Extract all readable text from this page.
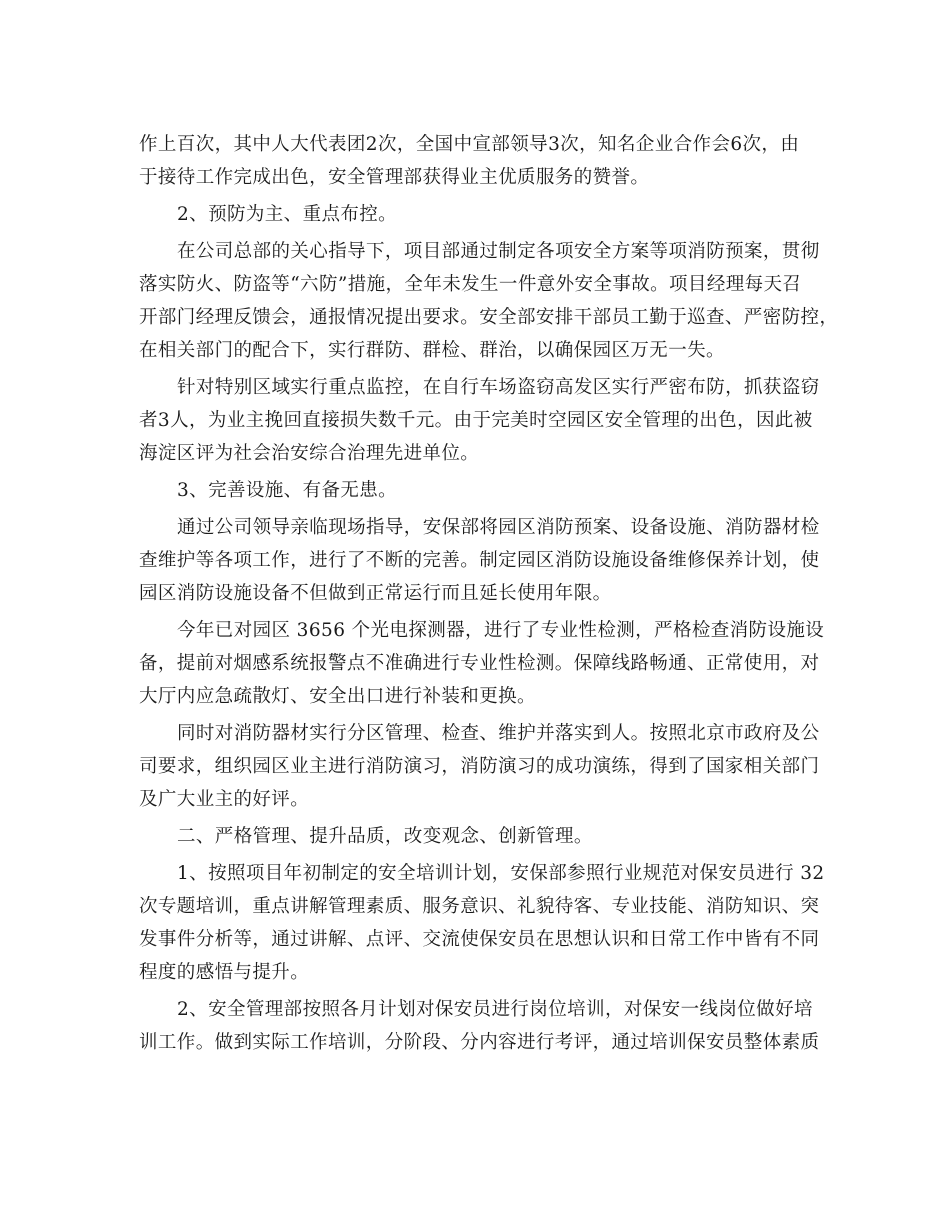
作上百次，其中人大代表团2次，全国中宣部领导3次，知名企业合作会6次，由
于接待工作完成出色，安全管理部获得业主优质服务的赞誉。
2、预防为主、重点布控。
在公司总部的关心指导下，项目部通过制定各项安全方案等项消防预案，贯彻
落实防火、防盗等“六防”措施，全年未发生一件意外安全事故。项目经理每天召
开部门经理反馈会，通报情况提出要求。安全部安排干部员工勤于巡查、严密防控，
在相关部门的配合下，实行群防、群检、群治，以确保园区万无一失。
针对特别区域实行重点监控，在自行车场盗窃高发区实行严密布防，抓获盗窃
者3人，为业主挽回直接损失数千元。由于完美时空园区安全管理的出色，因此被
海淀区评为社会治安综合治理先进单位。
3、完善设施、有备无患。
通过公司领导亲临现场指导，安保部将园区消防预案、设备设施、消防器材检
查维护等各项工作，进行了不断的完善。制定园区消防设施设备维修保养计划，使
园区消防设施设备不但做到正常运行而且延长使用年限。
今年已对园区 3656 个光电探测器，进行了专业性检测，严格检查消防设施设
备，提前对烟感系统报警点不准确进行专业性检测。保障线路畅通、正常使用，对
大厅内应急疏散灯、安全出口进行补装和更换。
同时对消防器材实行分区管理、检查、维护并落实到人。按照北京市政府及公
司要求，组织园区业主进行消防演习，消防演习的成功演练，得到了国家相关部门
及广大业主的好评。
二、严格管理、提升品质，改变观念、创新管理。
1、按照项目年初制定的安全培训计划，安保部参照行业规范对保安员进行 32
次专题培训，重点讲解管理素质、服务意识、礼貌待客、专业技能、消防知识、突
发事件分析等，通过讲解、点评、交流使保安员在思想认识和日常工作中皆有不同
程度的感悟与提升。
2、安全管理部按照各月计划对保安员进行岗位培训，对保安一线岗位做好培
训工作。做到实际工作培训，分阶段、分内容进行考评，通过培训保安员整体素质
